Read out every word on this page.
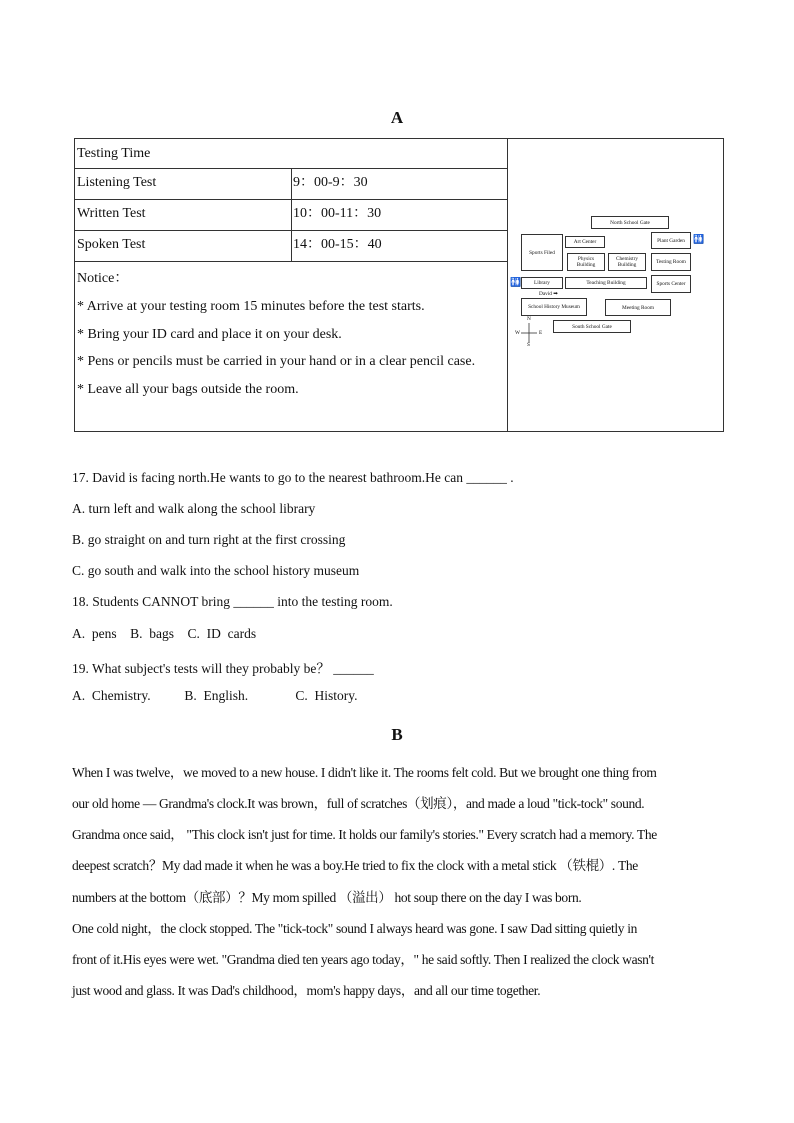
A
Testing Time
Listening Test	9：00-9：30
Written Test	10：00-11：30
Spoken Test	14：00-15：40
Notice：
* Arrive at your testing room 15 minutes before the test starts.
* Bring your ID card and place it on your desk.
* Pens or pencils must be carried in your hand or in a clear pencil case.
* Leave all your bags outside the room.
North School Gate
Sports Filed
Art Center	Plant Garden 🚻
Physics Building
Chemistry Building	Testing Room
🚻	Library	Teaching Building	Sports Center
David ➡
School History Museum	Meeting Room
South School Gate
N
S
W	E
17. David is facing north.He wants to go to the nearest bathroom.He can ______ .
A. turn left and walk along the school library
B. go straight on and turn right at the first crossing
C. go south and walk into the school history museum
18. Students CANNOT bring ______ into the testing room.
A.  pens    B.  bags    C.  ID  cards
19. What subject's tests will they probably be？ ______
A.  Chemistry.          B.  English.              C.  History.
B
When I was twelve，we moved to a new house. I didn't like it. The rooms felt cold. But we brought one thing from
our old home — Grandma's clock.It was brown，full of scratches（划痕），and made a loud "tick-tock" sound.
Grandma once said， "This clock isn't just for time. It holds our family's stories." Every scratch had a memory. The
deepest scratch？My dad made it when he was a boy.He tried to fix the clock with a metal stick （铁棍）. The
numbers at the bottom（底部）？My mom spilled （溢出） hot soup there on the day I was born.
One cold night，the clock stopped. The "tick-tock" sound I always heard was gone. I saw Dad sitting quietly in
front of it.His eyes were wet. "Grandma died ten years ago today，" he said softly. Then I realized the clock wasn't
just wood and glass. It was Dad's childhood，mom's happy days，and all our time together.
